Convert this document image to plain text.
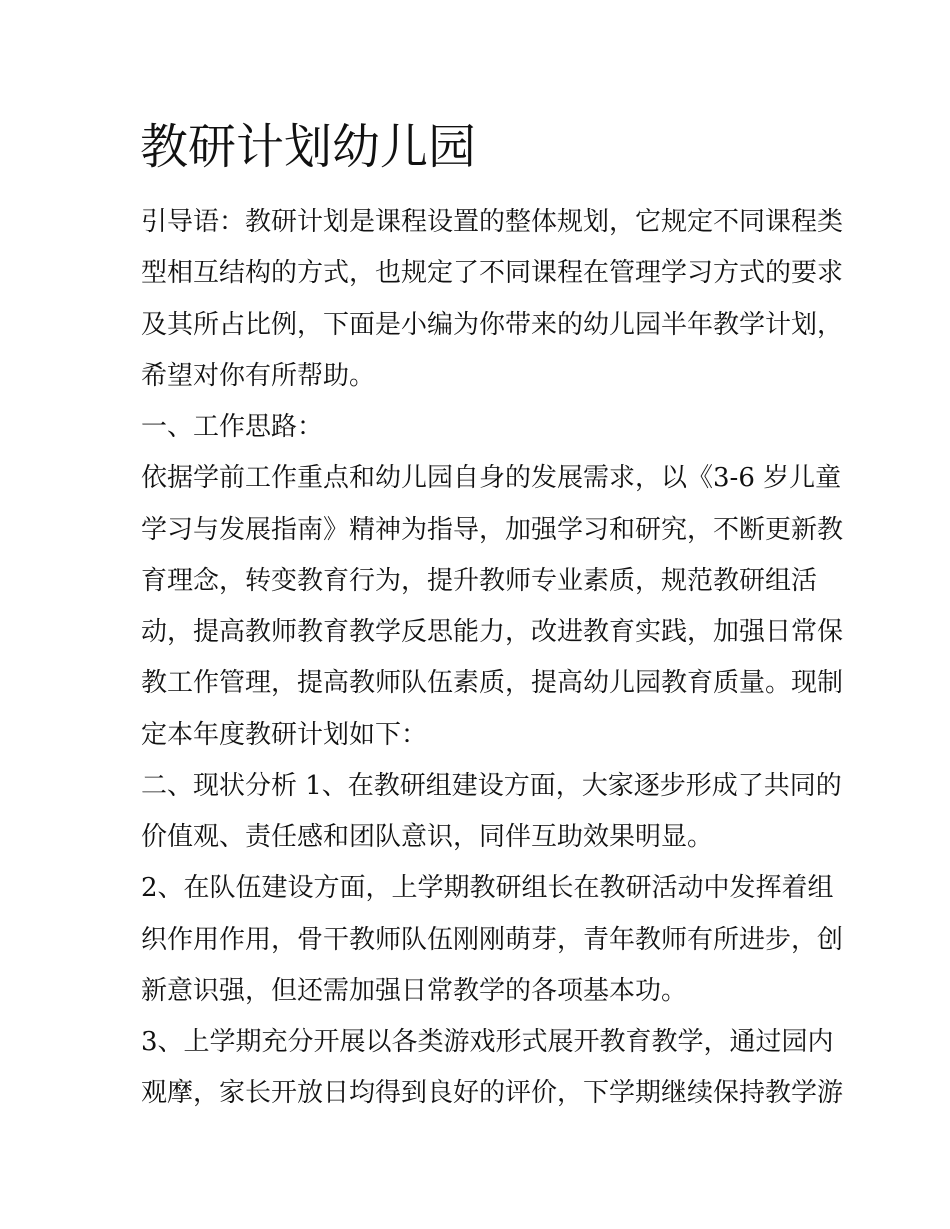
教研计划幼儿园

引导语：教研计划是课程设置的整体规划，它规定不同课程类

型相互结构的方式，也规定了不同课程在管理学习方式的要求

及其所占比例，下面是小编为你带来的幼儿园半年教学计划，

希望对你有所帮助。

一、工作思路：

依据学前工作重点和幼儿园自身的发展需求，以《3-6 岁儿童

学习与发展指南》精神为指导，加强学习和研究，不断更新教

育理念，转变教育行为，提升教师专业素质，规范教研组活

动，提高教师教育教学反思能力，改进教育实践，加强日常保

教工作管理，提高教师队伍素质，提高幼儿园教育质量。现制

定本年度教研计划如下：

二、现状分析 1、在教研组建设方面，大家逐步形成了共同的

价值观、责任感和团队意识，同伴互助效果明显。

2、在队伍建设方面，上学期教研组长在教研活动中发挥着组

织作用作用，骨干教师队伍刚刚萌芽，青年教师有所进步，创

新意识强，但还需加强日常教学的各项基本功。

3、上学期充分开展以各类游戏形式展开教育教学，通过园内

观摩，家长开放日均得到良好的评价，下学期继续保持教学游
